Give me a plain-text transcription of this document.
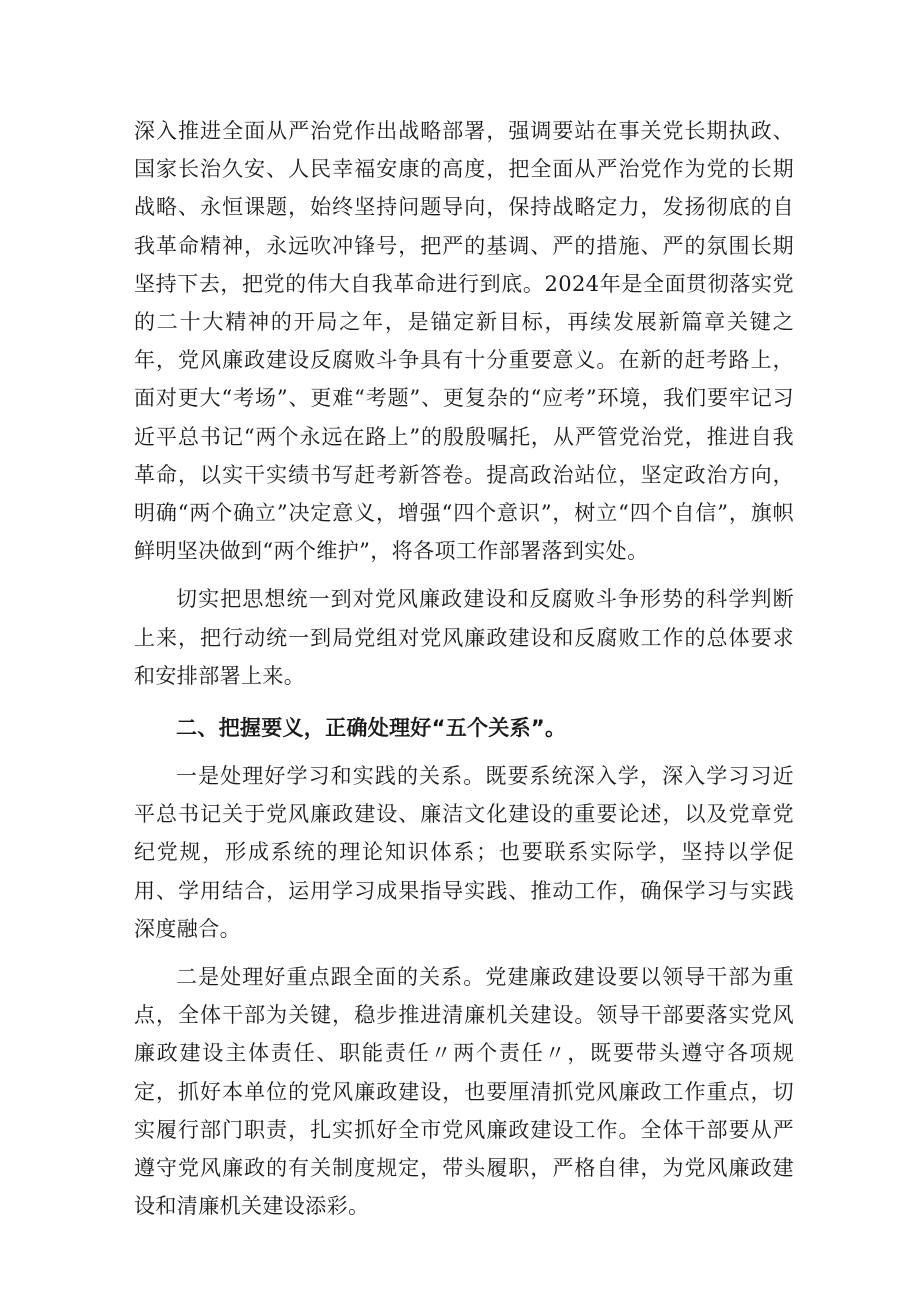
深入推进全面从严治党作出战略部署，强调要站在事关党长期执政、国家长治久安、人民幸福安康的高度，把全面从严治党作为党的长期战略、永恒课题，始终坚持问题导向，保持战略定力，发扬彻底的自我革命精神，永远吹冲锋号，把严的基调、严的措施、严的氛围长期坚持下去，把党的伟大自我革命进行到底。2024年是全面贯彻落实党的二十大精神的开局之年，是锚定新目标，再续发展新篇章关键之年，党风廉政建设反腐败斗争具有十分重要意义。在新的赶考路上，面对更大“考场”、更难“考题”、更复杂的“应考”环境，我们要牢记习近平总书记“两个永远在路上”的殷殷嘱托，从严管党治党，推进自我革命，以实干实绩书写赶考新答卷。提高政治站位，坚定政治方向，明确“两个确立”决定意义，增强“四个意识”，树立“四个自信”，旗帜鲜明坚决做到“两个维护”，将各项工作部署落到实处。

切实把思想统一到对党风廉政建设和反腐败斗争形势的科学判断上来，把行动统一到局党组对党风廉政建设和反腐败工作的总体要求和安排部署上来。

二、把握要义，正确处理好“五个关系”。

一是处理好学习和实践的关系。既要系统深入学，深入学习习近平总书记关于党风廉政建设、廉洁文化建设的重要论述，以及党章党纪党规，形成系统的理论知识体系；也要联系实际学，坚持以学促用、学用结合，运用学习成果指导实践、推动工作，确保学习与实践深度融合。

二是处理好重点跟全面的关系。党建廉政建设要以领导干部为重点，全体干部为关键，稳步推进清廉机关建设。领导干部要落实党风廉政建设主体责任、职能责任〃两个责任〃，既要带头遵守各项规定，抓好本单位的党风廉政建设，也要厘清抓党风廉政工作重点，切实履行部门职责，扎实抓好全市党风廉政建设工作。全体干部要从严遵守党风廉政的有关制度规定，带头履职，严格自律，为党风廉政建设和清廉机关建设添彩。
